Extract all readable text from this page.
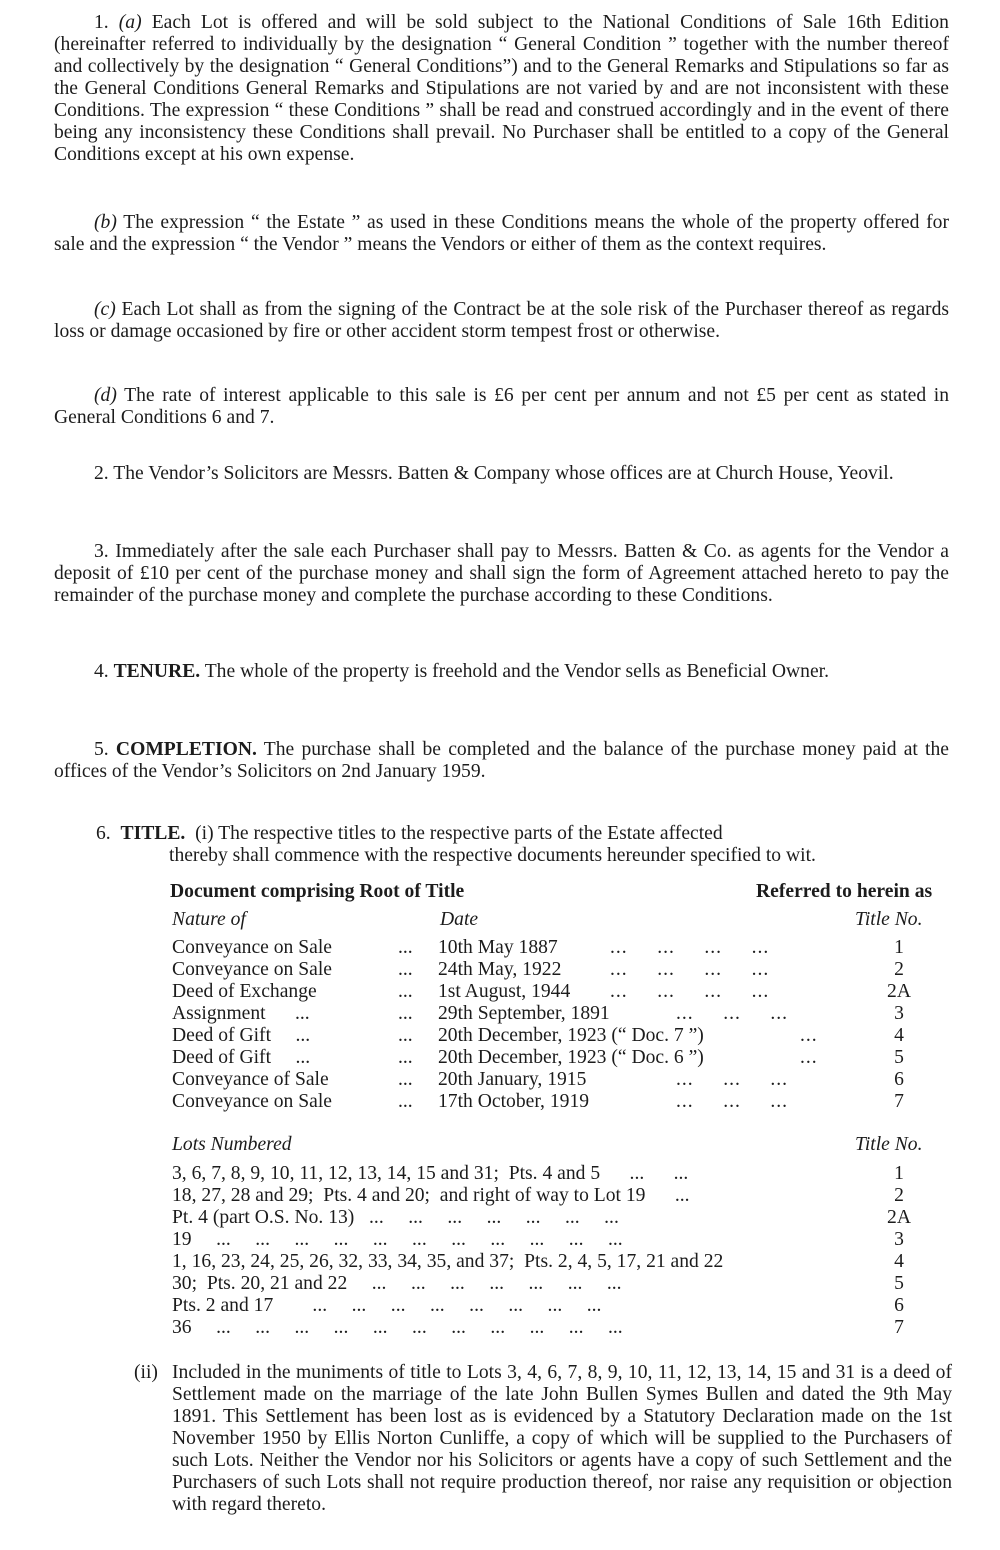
1. (a) Each Lot is offered and will be sold subject to the National Conditions of Sale 16th Edition (hereinafter referred to individually by the designation “ General Condition ” together with the number thereof and collectively by the designation “ General Conditions”) and to the General Remarks and Stipulations so far as the General Conditions General Remarks and Stipulations are not varied by and are not inconsistent with these Conditions. The expression “ these Conditions ” shall be read and construed accordingly and in the event of there being any inconsistency these Conditions shall prevail. No Purchaser shall be entitled to a copy of the General Conditions except at his own expense.

(b) The expression “ the Estate ” as used in these Conditions means the whole of the property offered for sale and the expression “ the Vendor ” means the Vendors or either of them as the context requires.

(c) Each Lot shall as from the signing of the Contract be at the sole risk of the Purchaser thereof as regards loss or damage occasioned by fire or other accident storm tempest frost or otherwise.

(d) The rate of interest applicable to this sale is £6 per cent per annum and not £5 per cent as stated in General Conditions 6 and 7.

2. The Vendor’s Solicitors are Messrs. Batten & Company whose offices are at Church House, Yeovil.

3. Immediately after the sale each Purchaser shall pay to Messrs. Batten & Co. as agents for the Vendor a deposit of £10 per cent of the purchase money and shall sign the form of Agreement attached hereto to pay the remainder of the purchase money and complete the purchase according to these Conditions.

4. TENURE. The whole of the property is freehold and the Vendor sells as Beneficial Owner.

5. COMPLETION. The purchase shall be completed and the balance of the purchase money paid at the offices of the Vendor’s Solicitors on 2nd January 1959.

6. TITLE. (i) The respective titles to the respective parts of the Estate affected
thereby shall commence with the respective documents hereunder specified to wit.
Document comprising Root of Title	Referred to herein as
Nature of	Date	Title No.
Conveyance on Sale	... 10th May 1887	...     ...     ...     ...	1
Conveyance on Sale	... 24th May, 1922 ...     ...     ...     ...	2
Deed of Exchange	... 1st August, 1944 ...     ...     ...     ...	2A
Assignment      ...	... 29th September, 1891	...     ...     ...	3
Deed of Gift     ...	... 20th December, 1923 (“ Doc. 7 ”)	...	4
Deed of Gift     ...	... 20th December, 1923 (“ Doc. 6 ”)	...	5
Conveyance of Sale	... 20th January, 1915	...     ...     ...	6
Conveyance on Sale	... 17th October, 1919	...     ...     ...	7
Lots Numbered	Title No.
3, 6, 7, 8, 9, 10, 11, 12, 13, 14, 15 and 31;  Pts. 4 and 5      ...      ...	1
18, 27, 28 and 29;  Pts. 4 and 20;  and right of way to Lot 19      ...	2
Pt. 4 (part O.S. No. 13)   ...     ...     ...     ...     ...     ...     ...	2A
19     ...     ...     ...     ...     ...     ...     ...     ...     ...     ...     ...	3
1, 16, 23, 24, 25, 26, 32, 33, 34, 35, and 37;  Pts. 2, 4, 5, 17, 21 and 22	4
30;  Pts. 20, 21 and 22     ...     ...     ...     ...     ...     ...     ...	5
Pts. 2 and 17        ...     ...     ...     ...     ...     ...     ...     ...	6
36     ...     ...     ...     ...     ...     ...     ...     ...     ...     ...     ...	7
(ii) Included in the muniments of title to Lots 3, 4, 6, 7, 8, 9, 10, 11, 12, 13, 14, 15 and 31 is a deed of Settlement made on the marriage of the late John Bullen Symes Bullen and dated the 9th May 1891. This Settlement has been lost as is evidenced by a Statutory Declaration made on the 1st November 1950 by Ellis Norton Cunliffe, a copy of which will be supplied to the Purchasers of such Lots. Neither the Vendor nor his Solicitors or agents have a copy of such Settlement and the Purchasers of such Lots shall not require production thereof, nor raise any requisition or objection with regard thereto.
